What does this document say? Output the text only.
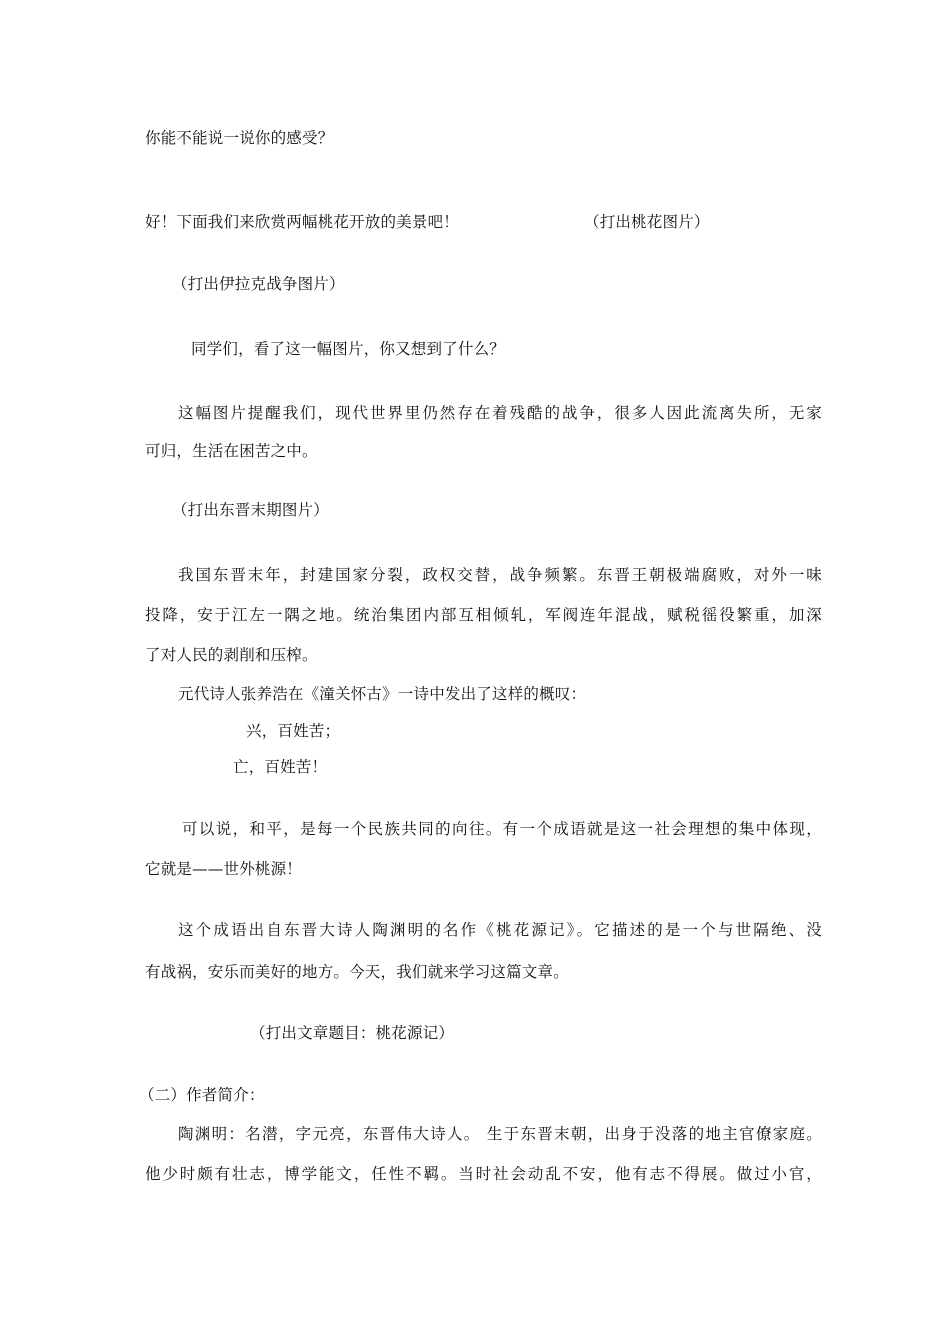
你能不能说一说你的感受？
好！下面我们来欣赏两幅桃花开放的美景吧！	（打出桃花图片）
（打出伊拉克战争图片）
同学们，看了这一幅图片，你又想到了什么？
这幅图片提醒我们，现代世界里仍然存在着残酷的战争，很多人因此流离失所，无家
可归，生活在困苦之中。
（打出东晋末期图片）
我国东晋末年，封建国家分裂，政权交替，战争频繁。东晋王朝极端腐败，对外一味
投降，安于江左一隅之地。统治集团内部互相倾轧，军阀连年混战，赋税徭役繁重，加深
了对人民的剥削和压榨。
元代诗人张养浩在《潼关怀古》一诗中发出了这样的概叹：
兴，百姓苦；
亡，百姓苦！
可以说，和平，是每一个民族共同的向往。有一个成语就是这一社会理想的集中体现，
它就是——世外桃源！
这个成语出自东晋大诗人陶渊明的名作《桃花源记》。它描述的是一个与世隔绝、没
有战祸，安乐而美好的地方。今天，我们就来学习这篇文章。
（打出文章题目：桃花源记）
（二）作者简介：
陶渊明：名潜，字元亮，东晋伟大诗人。 生于东晋末朝，出身于没落的地主官僚家庭。
他少时颇有壮志，博学能文，任性不羁。当时社会动乱不安，他有志不得展。做过小官，
